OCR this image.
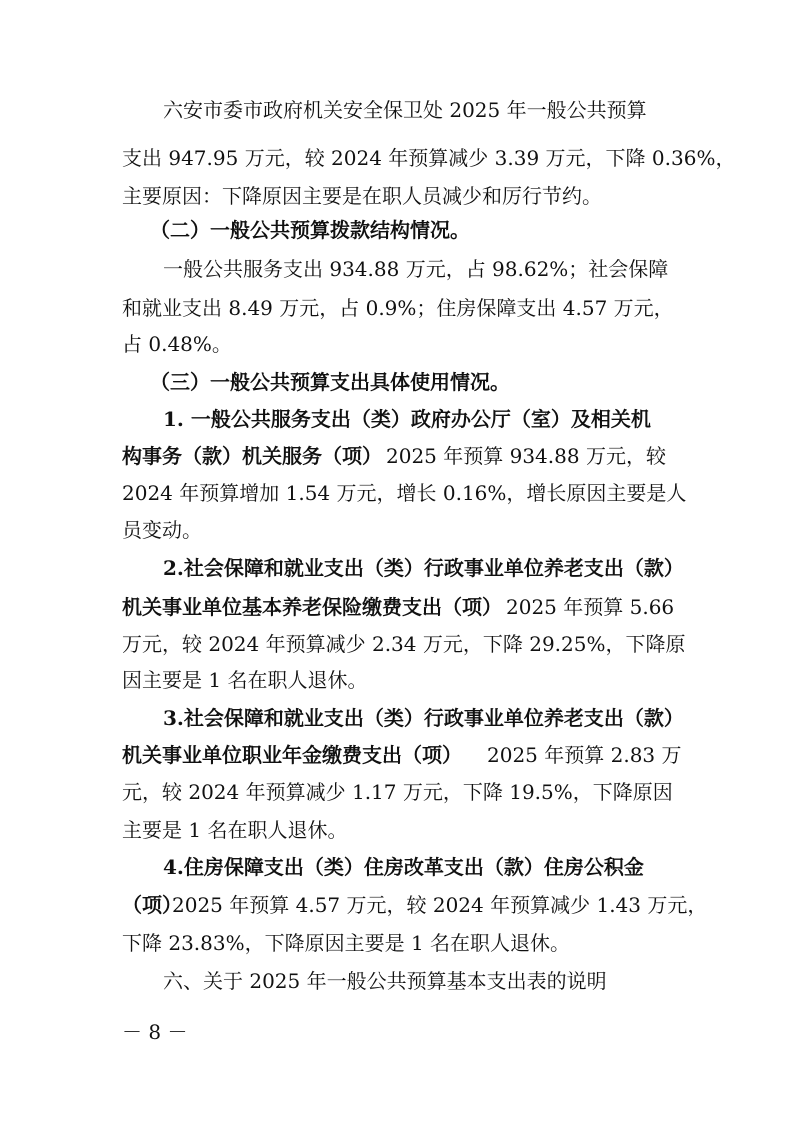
六安市委市政府机关安全保卫处 2025 年一般公共预算
支出 947.95 万元，较 2024 年预算减少 3.39 万元，下降 0.36%，
主要原因：下降原因主要是在职人员减少和厉行节约。
（二）一般公共预算拨款结构情况。
一般公共服务支出 934.88 万元，占 98.62%；社会保障
和就业支出 8.49 万元，占 0.9%；住房保障支出 4.57 万元，
占 0.48%。
（三）一般公共预算支出具体使用情况。
1. 一般公共服务支出（类）政府办公厅（室）及相关机
构事务（款）机关服务（项） 2025 年预算 934.88 万元，较
2024 年预算增加 1.54 万元，增长 0.16%，增长原因主要是人
员变动。
2.社会保障和就业支出（类）行政事业单位养老支出（款）
机关事业单位基本养老保险缴费支出（项） 2025 年预算 5.66
万元，较 2024 年预算减少 2.34 万元，下降 29.25%，下降原
因主要是 1 名在职人退休。
3.社会保障和就业支出（类）行政事业单位养老支出（款）
机关事业单位职业年金缴费支出（项） 2025 年预算 2.83 万
元，较 2024 年预算减少 1.17 万元，下降 19.5%，下降原因
主要是 1 名在职人退休。
4.住房保障支出（类）住房改革支出（款）住房公积金
（项）
2025 年预算 4.57 万元，较 2024 年预算减少 1.43 万元，
下降 23.83%，下降原因主要是 1 名在职人退休。
六、关于 2025 年一般公共预算基本支出表的说明
－ 8 －
